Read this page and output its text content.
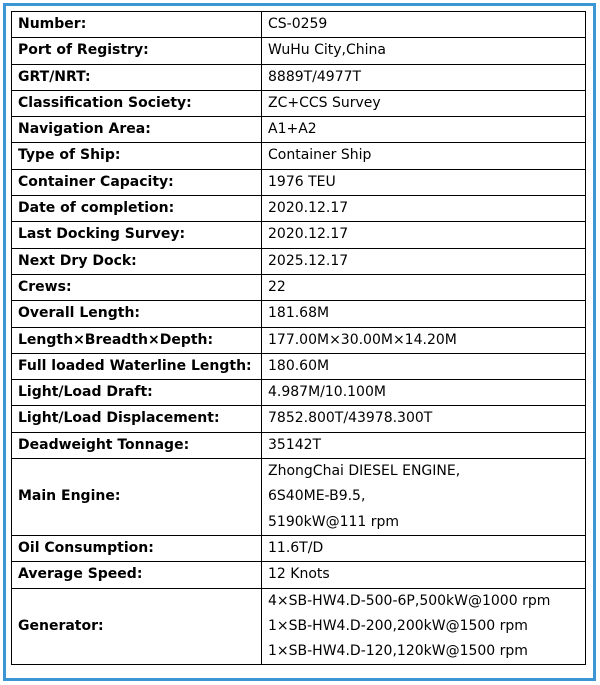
Number:	CS-0259

Port of Registry:	WuHu City,China

GRT/NRT:	8889T/4977T

Classification Society:	ZC+CCS Survey

Navigation Area:	A1+A2

Type of Ship:	Container Ship

Container Capacity:	1976 TEU

Date of completion:	2020.12.17

Last Docking Survey:	2020.12.17

Next Dry Dock:	2025.12.17

Crews:	22

Overall Length:	181.68M

Length×Breadth×Depth:	177.00M×30.00M×14.20M

Full loaded Waterline Length:	180.60M

Light/Load Draft:	4.987M/10.100M

Light/Load Displacement:	7852.800T/43978.300T

Deadweight Tonnage:	35142T

Main Engine:	ZhongChai DIESEL ENGINE,
6S40ME-B9.5,
5190kW@111 rpm

Oil Consumption:	11.6T/D

Average Speed:	12 Knots

Generator:	4×SB-HW4.D-500-6P,500kW@1000 rpm
1×SB-HW4.D-200,200kW@1500 rpm
1×SB-HW4.D-120,120kW@1500 rpm
